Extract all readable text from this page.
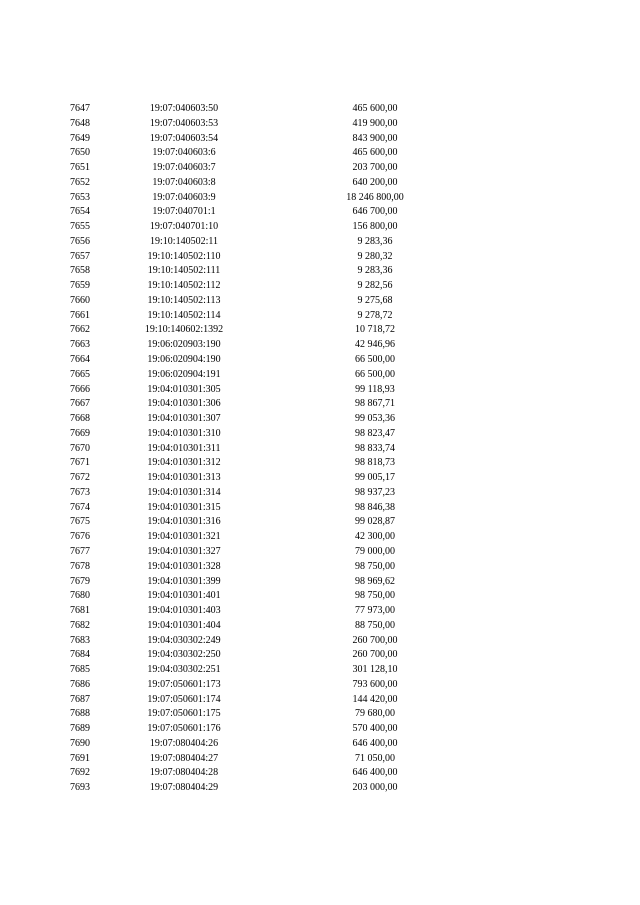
7647	19:07:040603:50	465 600,00
7648	19:07:040603:53	419 900,00
7649	19:07:040603:54	843 900,00
7650	19:07:040603:6	465 600,00
7651	19:07:040603:7	203 700,00
7652	19:07:040603:8	640 200,00
7653	19:07:040603:9	18 246 800,00
7654	19:07:040701:1	646 700,00
7655	19:07:040701:10	156 800,00
7656	19:10:140502:11	9 283,36
7657	19:10:140502:110	9 280,32
7658	19:10:140502:111	9 283,36
7659	19:10:140502:112	9 282,56
7660	19:10:140502:113	9 275,68
7661	19:10:140502:114	9 278,72
7662	19:10:140602:1392	10 718,72
7663	19:06:020903:190	42 946,96
7664	19:06:020904:190	66 500,00
7665	19:06:020904:191	66 500,00
7666	19:04:010301:305	99 118,93
7667	19:04:010301:306	98 867,71
7668	19:04:010301:307	99 053,36
7669	19:04:010301:310	98 823,47
7670	19:04:010301:311	98 833,74
7671	19:04:010301:312	98 818,73
7672	19:04:010301:313	99 005,17
7673	19:04:010301:314	98 937,23
7674	19:04:010301:315	98 846,38
7675	19:04:010301:316	99 028,87
7676	19:04:010301:321	42 300,00
7677	19:04:010301:327	79 000,00
7678	19:04:010301:328	98 750,00
7679	19:04:010301:399	98 969,62
7680	19:04:010301:401	98 750,00
7681	19:04:010301:403	77 973,00
7682	19:04:010301:404	88 750,00
7683	19:04:030302:249	260 700,00
7684	19:04:030302:250	260 700,00
7685	19:04:030302:251	301 128,10
7686	19:07:050601:173	793 600,00
7687	19:07:050601:174	144 420,00
7688	19:07:050601:175	79 680,00
7689	19:07:050601:176	570 400,00
7690	19:07:080404:26	646 400,00
7691	19:07:080404:27	71 050,00
7692	19:07:080404:28	646 400,00
7693	19:07:080404:29	203 000,00
